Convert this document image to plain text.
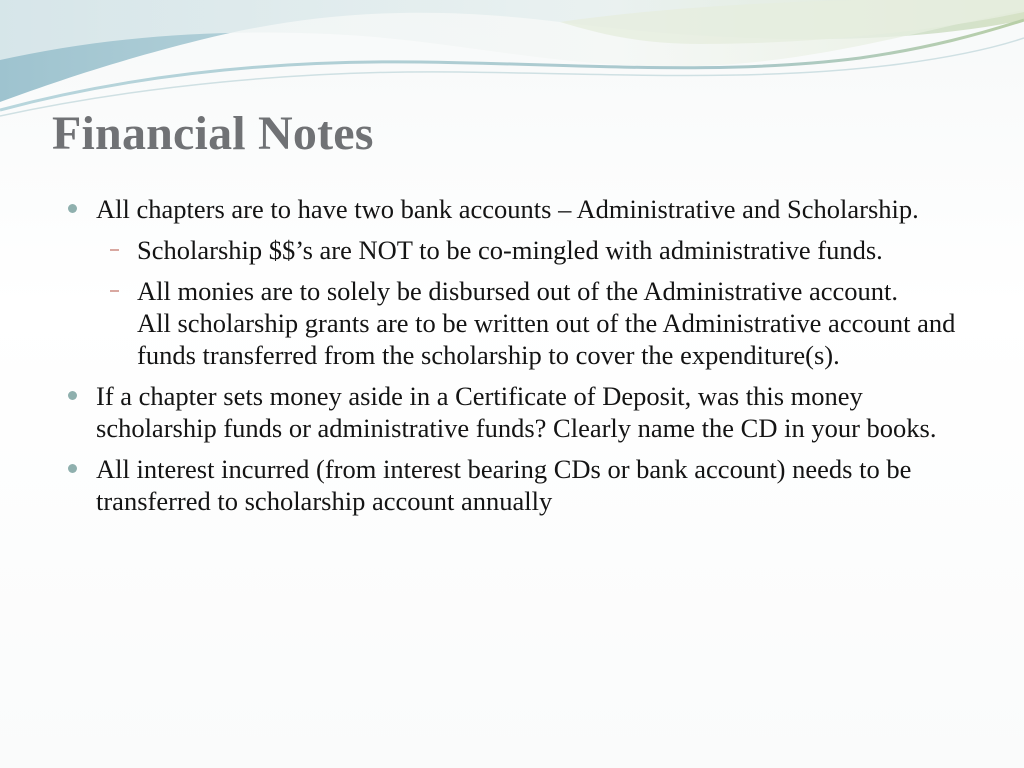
Financial Notes
All chapters are to have two bank accounts – Administrative and Scholarship.
Scholarship $$’s are NOT to be co-mingled with administrative funds.
All monies are to solely be disbursed out of the Administrative account.
All scholarship grants are to be written out of the Administrative account and funds transferred from the scholarship to cover the expenditure(s).
If a chapter sets money aside in a Certificate of Deposit, was this money scholarship funds or administrative funds? Clearly name the CD in your books.
All interest incurred (from interest bearing CDs or bank account) needs to be transferred to scholarship account annually
